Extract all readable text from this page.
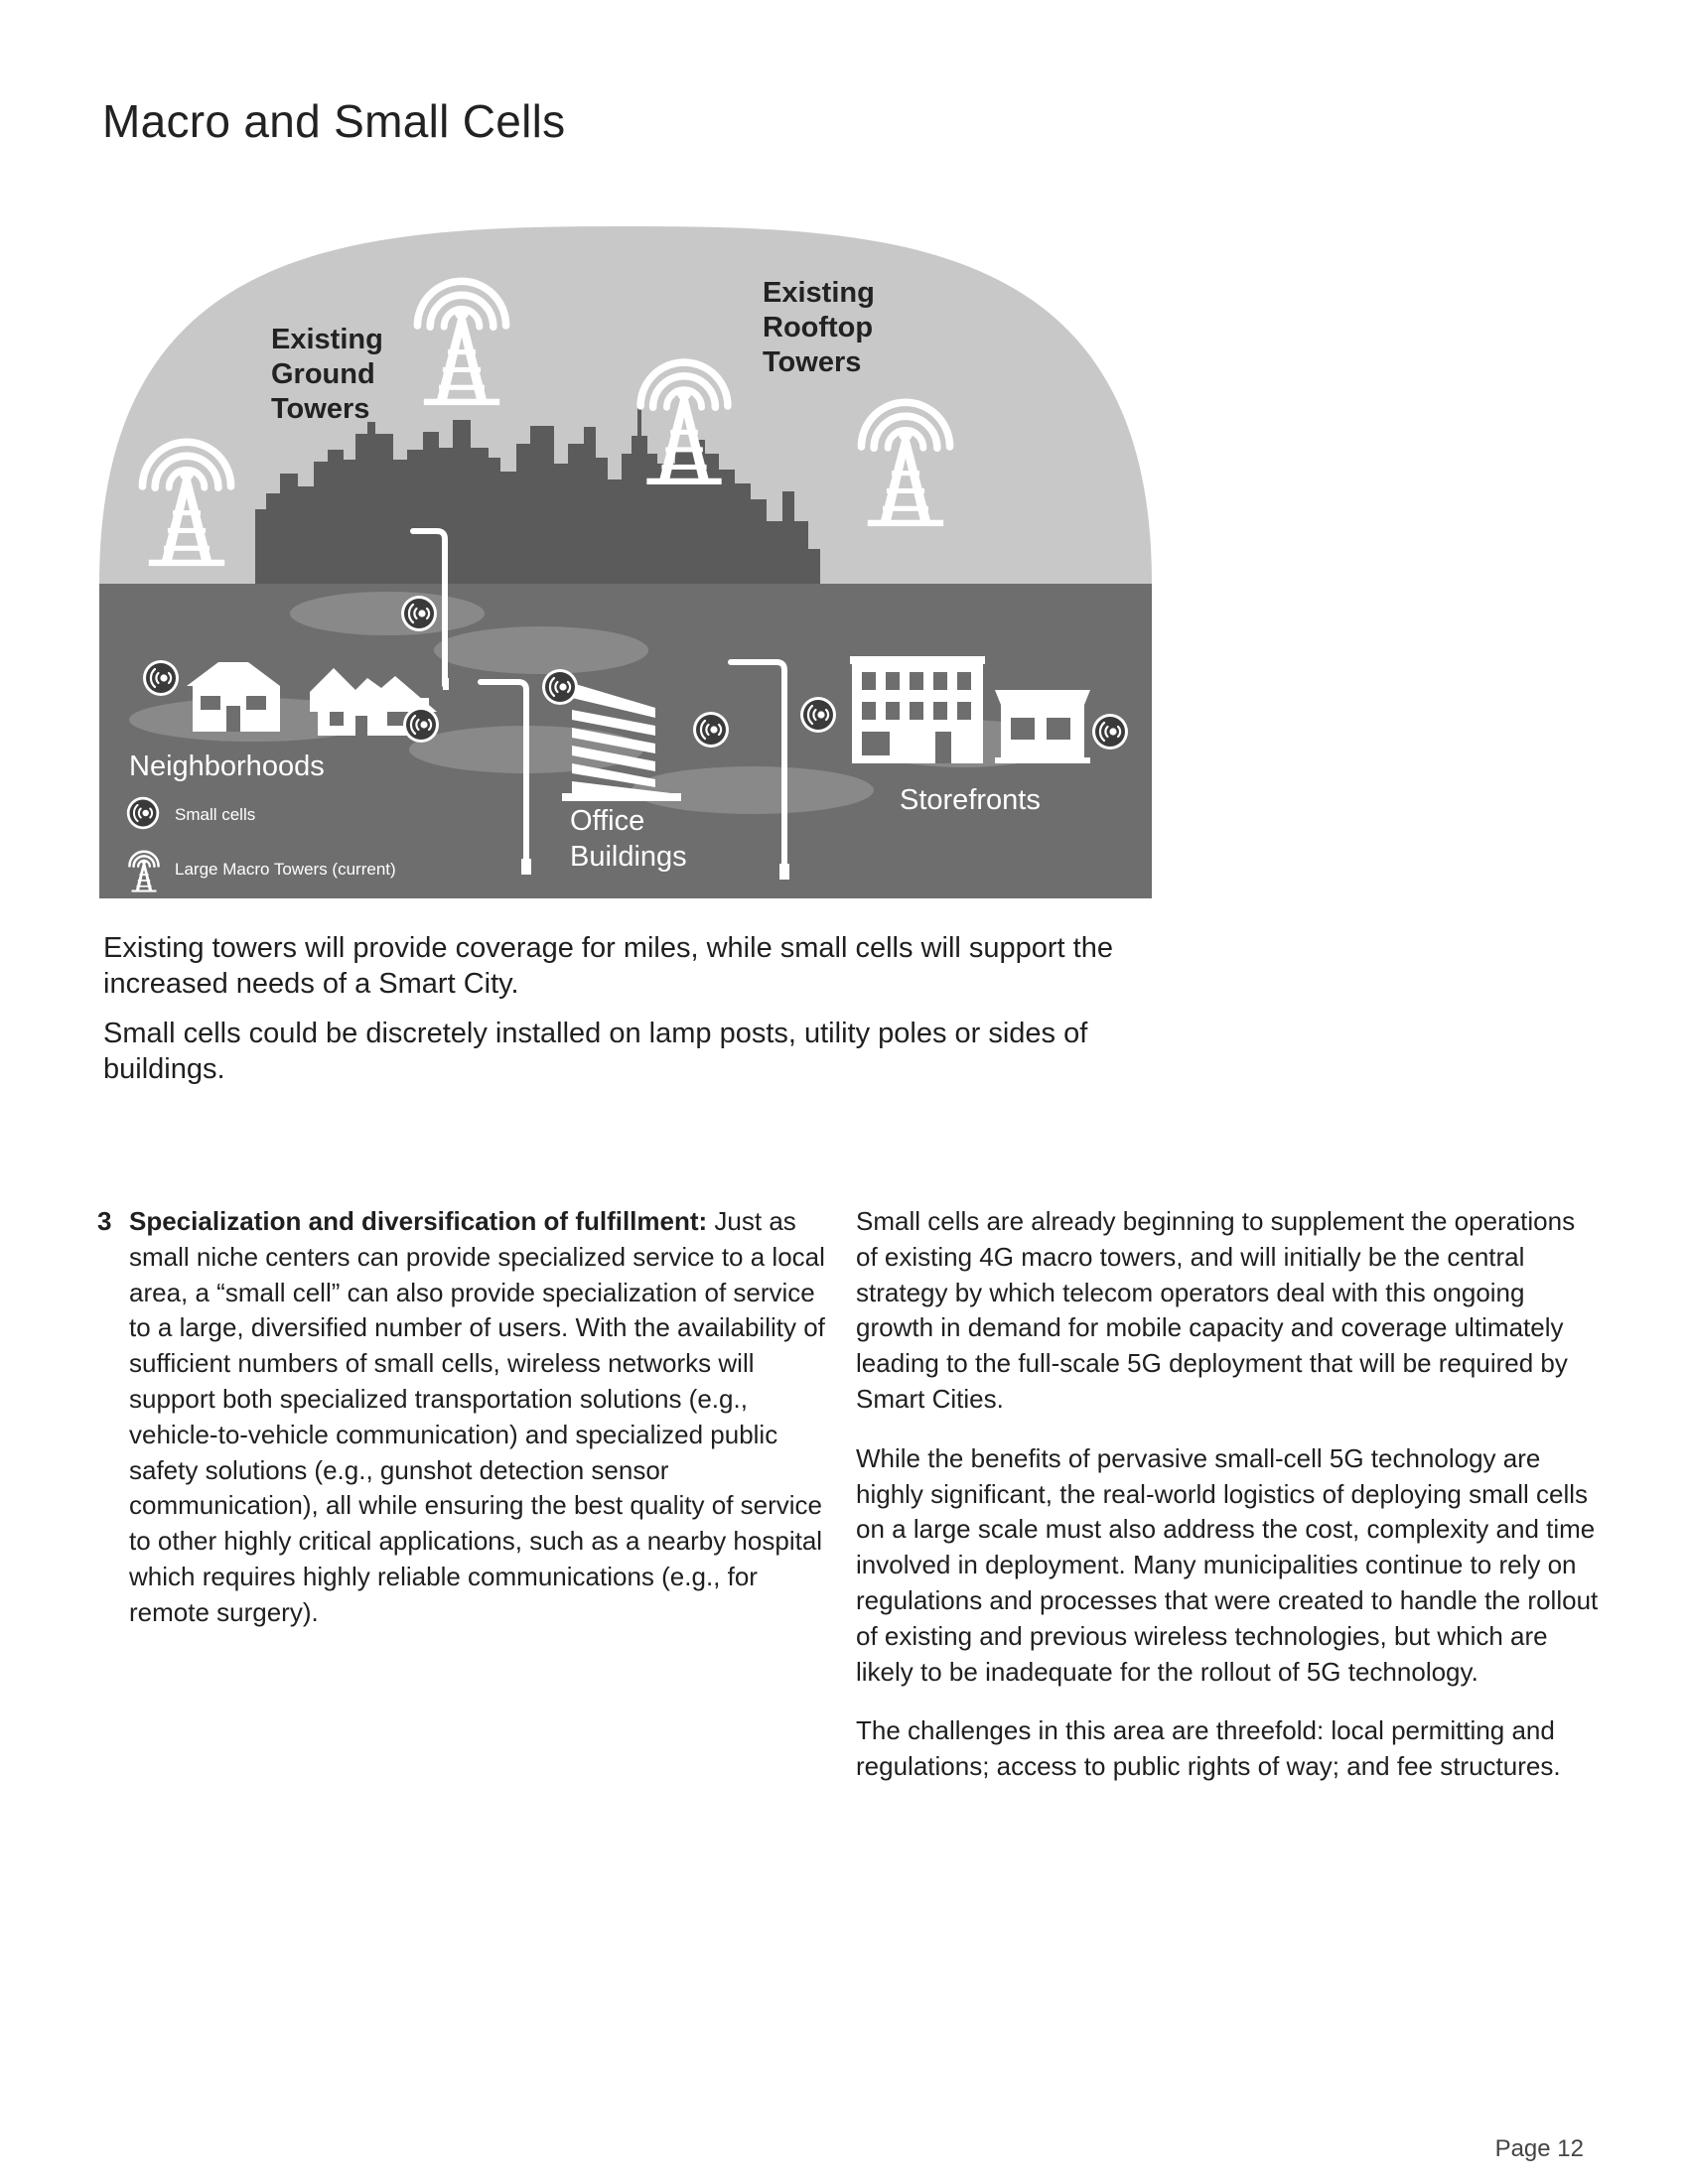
Macro and Small Cells
Existing Ground Towers
Existing Rooftop Towers
Neighborhoods
Office Buildings
Storefronts
Small cells
Large Macro Towers (current)

Existing towers will provide coverage for miles, while small cells will support the increased needs of a Smart City.

Small cells could be discretely installed on lamp posts, utility poles or sides of buildings.

3 Specialization and diversification of fulfillment: Just as small niche centers can provide specialized service to a local area, a “small cell” can also provide specialization of service to a large, diversified number of users. With the availability of sufficient numbers of small cells, wireless networks will support both specialized transportation solutions (e.g., vehicle-to-vehicle communication) and specialized public safety solutions (e.g., gunshot detection sensor communication), all while ensuring the best quality of service to other highly critical applications, such as a nearby hospital which requires highly reliable communications (e.g., for remote surgery).

Small cells are already beginning to supplement the operations of existing 4G macro towers, and will initially be the central strategy by which telecom operators deal with this ongoing growth in demand for mobile capacity and coverage ultimately leading to the full-scale 5G deployment that will be required by Smart Cities.

While the benefits of pervasive small-cell 5G technology are highly significant, the real-world logistics of deploying small cells on a large scale must also address the cost, complexity and time involved in deployment. Many municipalities continue to rely on regulations and processes that were created to handle the rollout of existing and previous wireless technologies, but which are likely to be inadequate for the rollout of 5G technology.

The challenges in this area are threefold: local permitting and regulations; access to public rights of way; and fee structures.

Page 12
